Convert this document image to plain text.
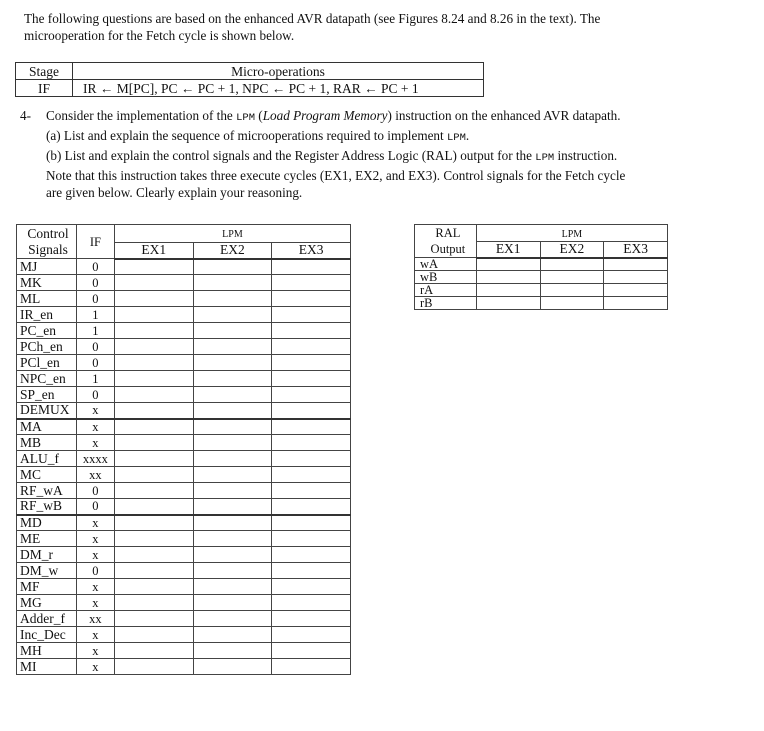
The following questions are based on the enhanced AVR datapath (see Figures 8.24 and 8.26 in the text). The
microoperation for the Fetch cycle is shown below.
Stage	Micro-operations
IF	IR ← M[PC], PC ← PC + 1, NPC ← PC + 1, RAR ← PC + 1
4- Consider the implementation of the LPM (Load Program Memory) instruction on the enhanced AVR datapath.
(a) List and explain the sequence of microoperations required to implement LPM.
(b) List and explain the control signals and the Register Address Logic (RAL) output for the LPM instruction.
Note that this instruction takes three execute cycles (EX1, EX2, and EX3). Control signals for the Fetch cycle
are given below. Clearly explain your reasoning.
Control
Signals	IF	LPM		
		EX1	EX2	EX3
MJ	0			
MK	0			
ML	0			
IR_en	1			
PC_en	1			
PCh_en	0			
PCl_en	0			
NPC_en	1			
SP_en	0			
DEMUX	x			
MA	x			
MB	x			
ALU_f	xxxx			
MC	xx			
RF_wA	0			
RF_wB	0			
MD	x			
ME	x			
DM_r	x			
DM_w	0			
MF	x			
MG	x			
Adder_f	xx			
Inc_Dec	x			
MH	x			
MI	x			
RAL
Output	LPM		
	EX1	EX2	EX3
wA			
wB			
rA			
rB			
